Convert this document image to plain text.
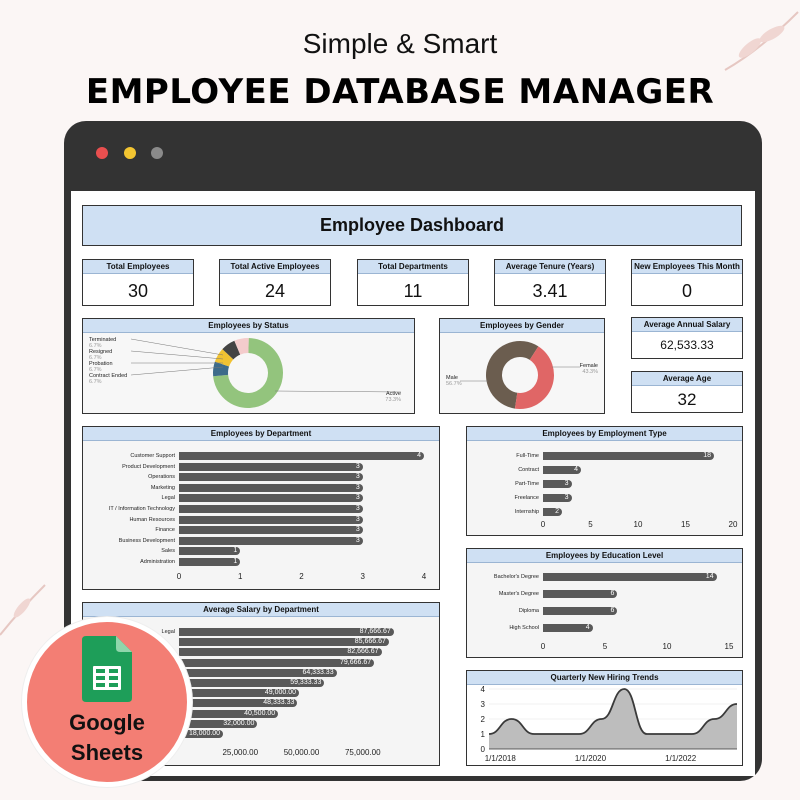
Simple & Smart
EMPLOYEE DATABASE MANAGER
Employee Dashboard
Total Employees
30
Total Active Employees
24
Total Departments
11
Average Tenure (Years)
3.41
New Employees This Month
0
Average Annual Salary
62,533.33
Average Age
32
Employees by Status
Terminated
6.7%
Resigned
6.7%
Probation
6.7%
Contract Ended
6.7%
Active
73.3%
Employees by Gender
Male
56.7%
Female
43.3%
Employees by Department
Customer Support	4
Product Development	3
Operations	3
Marketing	3
Legal	3
IT / Information Technology	3
Human Resources	3
Finance	3
Business Development	3
Sales	1
Administration	1
0	1	2	3	4
Employees by Employment Type
Full-Time	18
Contract	4
Part-Time	3
Freelance	3
Internship	2
0	5	10	15	20
Employees by Education Level
Bachelor's Degree	14
Master's Degree	6
Diploma	6
High School	4
0	5	10	15
Average Salary by Department
Legal	87,666.67
85,666.67
82,666.67
79,666.67
64,333.33
59,333.33
49,000.00
48,333.33
40,500.00
32,000.00
18,000.00
25,000.00	50,000.00	75,000.00
Quarterly New Hiring Trends
0
1
2
3
4
1/1/2018	1/1/2020	1/1/2022
Google
Sheets
